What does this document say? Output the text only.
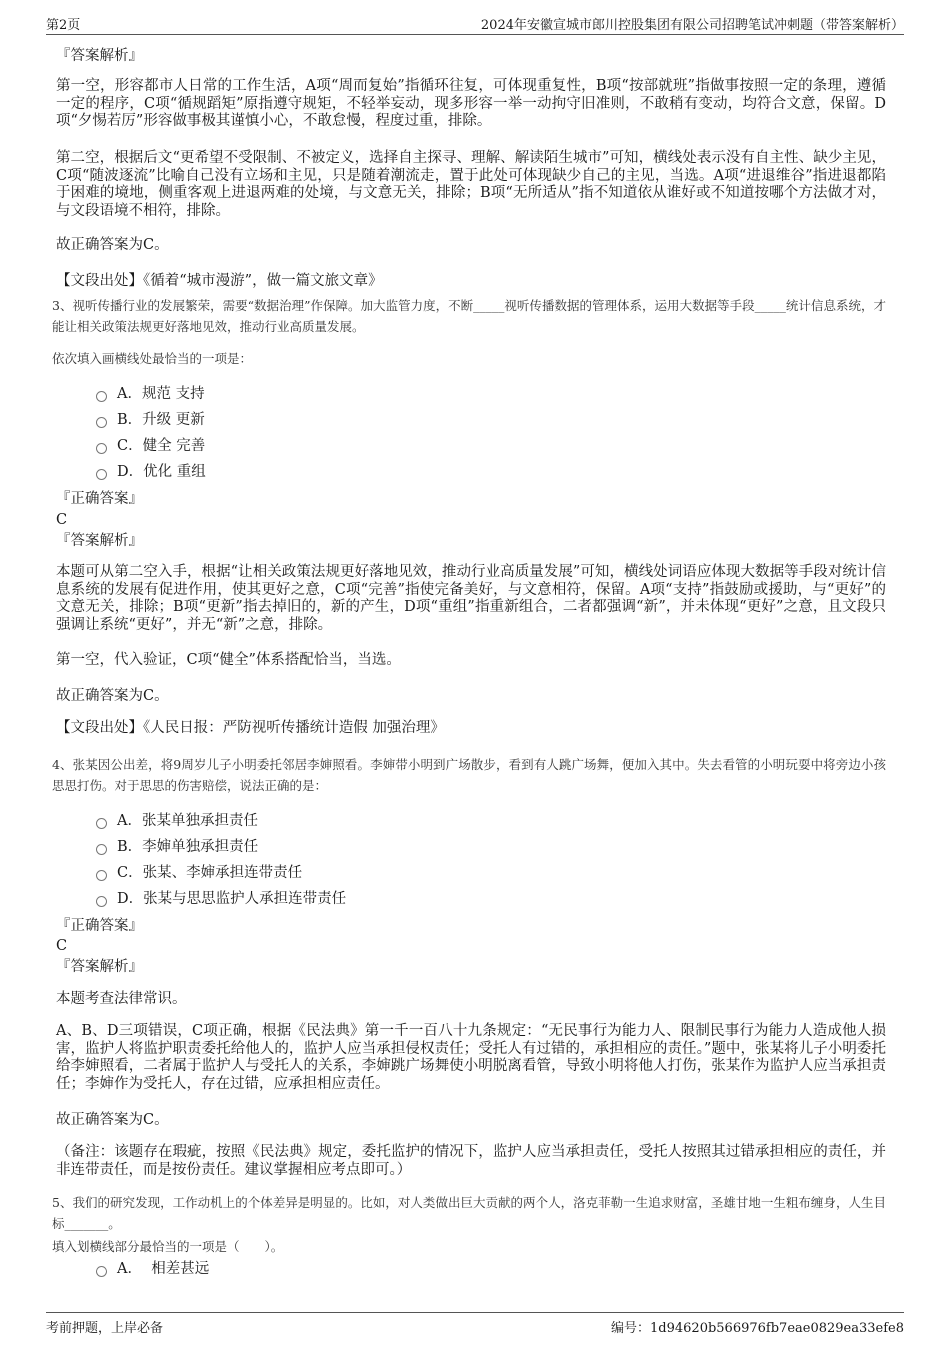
第2页	2024年安徽宣城市郎川控股集团有限公司招聘笔试冲刺题（带答案解析）

『答案解析』

第一空，形容都市人日常的工作生活，A项“周而复始”指循环往复，可体现重复性，B项“按部就班”指做事按照一定的条理，遵循一定的程序，C项“循规蹈矩”原指遵守规矩，不轻举妄动，现多形容一举一动拘守旧准则，不敢稍有变动，均符合文意，保留。D项“夕惕若厉”形容做事极其谨慎小心，不敢怠慢，程度过重，排除。

第二空，根据后文“更希望不受限制、不被定义，选择自主探寻、理解、解读陌生城市”可知，横线处表示没有自主性、缺少主见，C项“随波逐流”比喻自己没有立场和主见，只是随着潮流走，置于此处可体现缺少自己的主见，当选。A项“进退维谷”指进退都陷于困难的境地，侧重客观上进退两难的处境，与文意无关，排除；B项“无所适从”指不知道依从谁好或不知道按哪个方法做才对，与文段语境不相符，排除。

故正确答案为C。

【文段出处】《循着“城市漫游”，做一篇文旅文章》

3、视听传播行业的发展繁荣，需要“数据治理”作保障。加大监管力度，不断_____视听传播数据的管理体系，运用大数据等手段_____统计信息系统，才能让相关政策法规更好落地见效，推动行业高质量发展。

依次填入画横线处最恰当的一项是：

A．规范 支持
B．升级 更新
C．健全 完善
D．优化 重组

『正确答案』

C

『答案解析』

本题可从第二空入手，根据“让相关政策法规更好落地见效，推动行业高质量发展”可知，横线处词语应体现大数据等手段对统计信息系统的发展有促进作用，使其更好之意，C项“完善”指使完备美好，与文意相符，保留。A项“支持”指鼓励或援助，与“更好”的文意无关，排除；B项“更新”指去掉旧的，新的产生，D项“重组”指重新组合，二者都强调“新”，并未体现“更好”之意，且文段只强调让系统“更好”，并无“新”之意，排除。

第一空，代入验证，C项“健全”体系搭配恰当，当选。

故正确答案为C。

【文段出处】《人民日报：严防视听传播统计造假 加强治理》

4、张某因公出差，将9周岁儿子小明委托邻居李婶照看。李婶带小明到广场散步，看到有人跳广场舞，便加入其中。失去看管的小明玩耍中将旁边小孩思思打伤。对于思思的伤害赔偿，说法正确的是：

A．张某单独承担责任
B．李婶单独承担责任
C．张某、李婶承担连带责任
D．张某与思思监护人承担连带责任

『正确答案』

C

『答案解析』

本题考查法律常识。

A、B、D三项错误，C项正确，根据《民法典》第一千一百八十九条规定：“无民事行为能力人、限制民事行为能力人造成他人损害，监护人将监护职责委托给他人的，监护人应当承担侵权责任；受托人有过错的，承担相应的责任。”题中，张某将儿子小明委托给李婶照看，二者属于监护人与受托人的关系，李婶跳广场舞使小明脱离看管，导致小明将他人打伤，张某作为监护人应当承担责任；李婶作为受托人，存在过错，应承担相应责任。

故正确答案为C。

（备注：该题存在瑕疵，按照《民法典》规定，委托监护的情况下，监护人应当承担责任，受托人按照其过错承担相应的责任，并非连带责任，而是按份责任。建议掌握相应考点即可。）

5、我们的研究发现，工作动机上的个体差异是明显的。比如，对人类做出巨大贡献的两个人，洛克菲勒一生追求财富，圣雄甘地一生粗布缠身，人生目标_______。

填入划横线部分最恰当的一项是（　　）。

A．  相差甚远
考前押题，上岸必备	编号：1d94620b566976fb7eae0829ea33efe8
